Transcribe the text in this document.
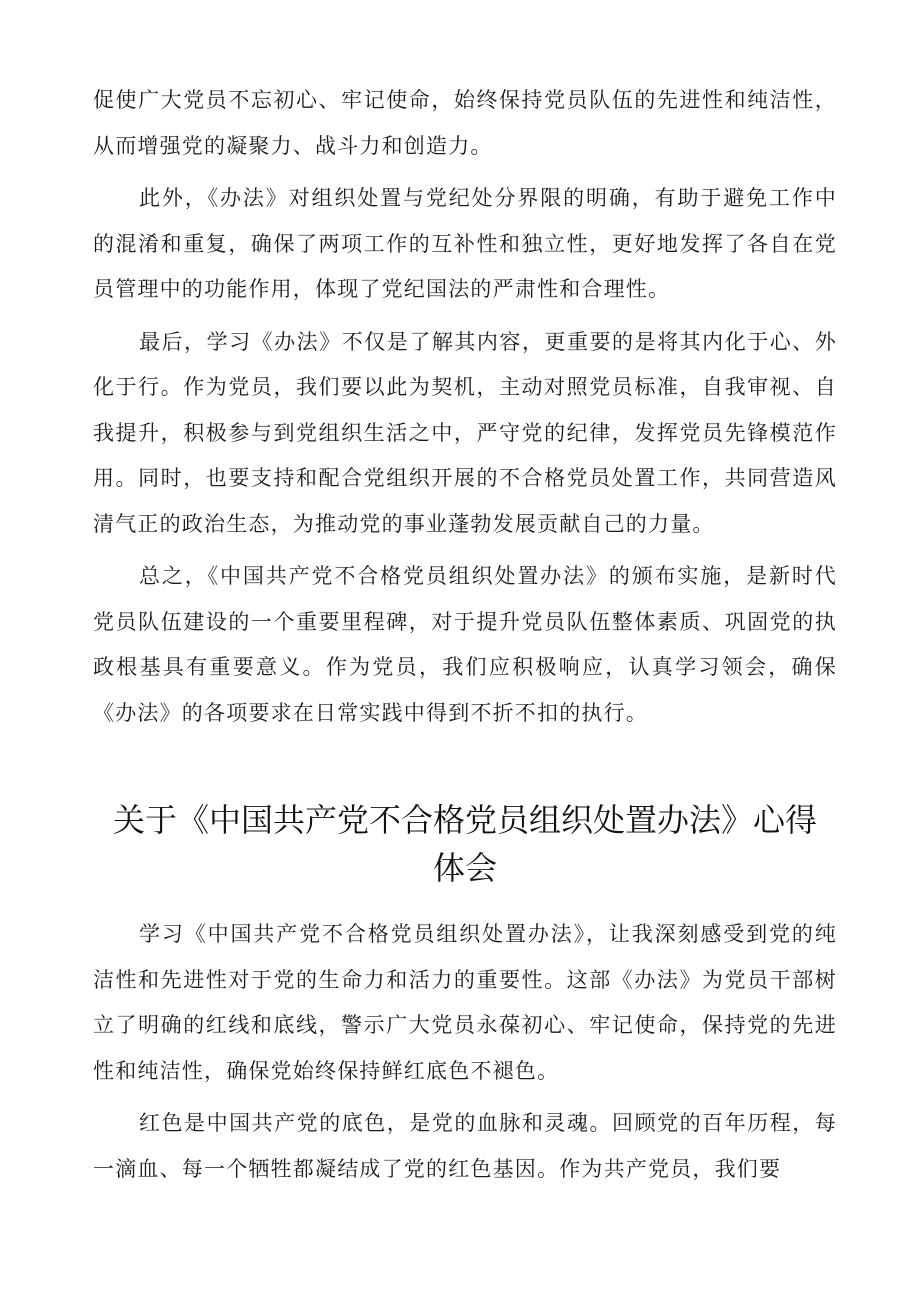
促使广大党员不忘初心、牢记使命，始终保持党员队伍的先进性和纯洁性，从而增强党的凝聚力、战斗力和创造力。

此外，《办法》对组织处置与党纪处分界限的明确，有助于避免工作中的混淆和重复，确保了两项工作的互补性和独立性，更好地发挥了各自在党员管理中的功能作用，体现了党纪国法的严肃性和合理性。

最后，学习《办法》不仅是了解其内容，更重要的是将其内化于心、外化于行。作为党员，我们要以此为契机，主动对照党员标准，自我审视、自我提升，积极参与到党组织生活之中，严守党的纪律，发挥党员先锋模范作用。同时，也要支持和配合党组织开展的不合格党员处置工作，共同营造风清气正的政治生态，为推动党的事业蓬勃发展贡献自己的力量。

总之，《中国共产党不合格党员组织处置办法》的颁布实施，是新时代党员队伍建设的一个重要里程碑，对于提升党员队伍整体素质、巩固党的执政根基具有重要意义。作为党员，我们应积极响应，认真学习领会，确保《办法》的各项要求在日常实践中得到不折不扣的执行。

关于《中国共产党不合格党员组织处置办法》心得体会

学习《中国共产党不合格党员组织处置办法》，让我深刻感受到党的纯洁性和先进性对于党的生命力和活力的重要性。这部《办法》为党员干部树立了明确的红线和底线，警示广大党员永葆初心、牢记使命，保持党的先进性和纯洁性，确保党始终保持鲜红底色不褪色。

红色是中国共产党的底色，是党的血脉和灵魂。回顾党的百年历程，每一滴血、每一个牺牲都凝结成了党的红色基因。作为共产党员，我们要
